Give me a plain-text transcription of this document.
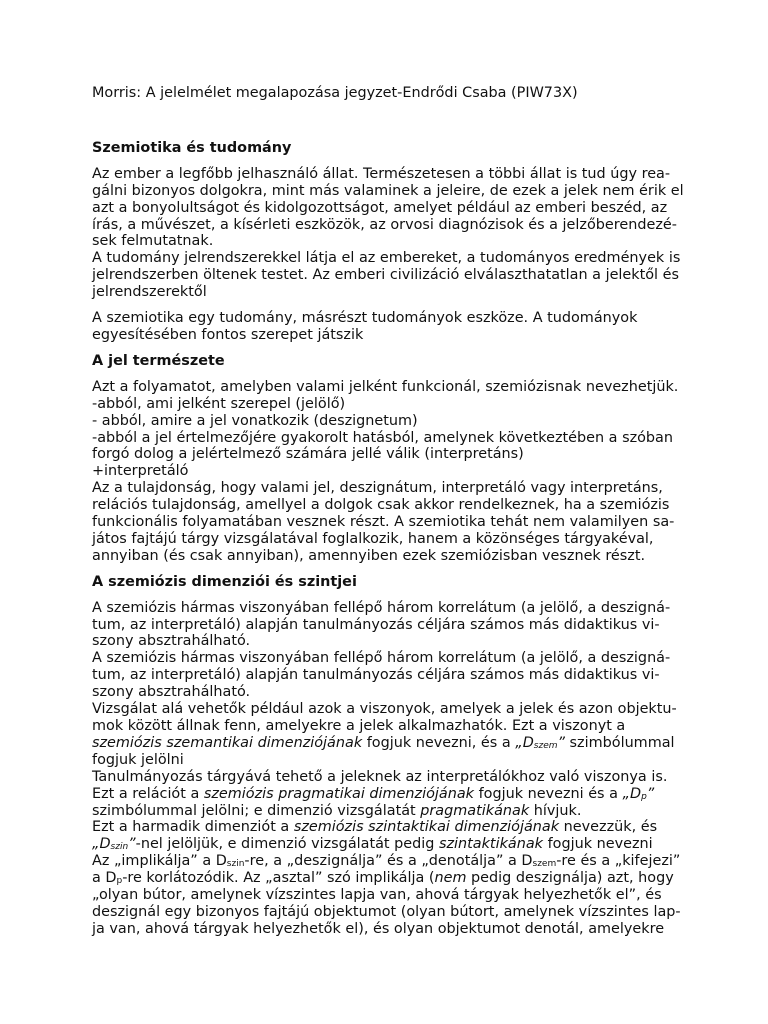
Morris: A jelelmélet megalapozása jegyzet-Endrődi Csaba (PIW73X)

Szemiotika és tudomány

Az ember a legfőbb jelhasználó állat. Természetesen a többi állat is tud úgy rea-
gálni bizonyos dolgokra, mint más valaminek a jeleire, de ezek a jelek nem érik el
azt a bonyolultságot és kidolgozottságot, amelyet például az emberi beszéd, az
írás, a művészet, a kísérleti eszközök, az orvosi diagnózisok és a jelzőberendezé-
sek felmutatnak.
A tudomány jelrendszerekkel látja el az embereket, a tudományos eredmények is
jelrendszerben öltenek testet. Az emberi civilizáció elválaszthatatlan a jelektől és
jelrendszerektől

A szemiotika egy tudomány, másrészt tudományok eszköze. A tudományok
egyesítésében fontos szerepet játszik

A jel természete

Azt a folyamatot, amelyben valami jelként funkcionál, szemiózisnak nevezhetjük.
-abból, ami jelként szerepel (jelölő)
- abból, amire a jel vonatkozik (deszignetum)
-abból a jel értelmezőjére gyakorolt hatásból, amelynek következtében a szóban
forgó dolog a jelértelmező számára jellé válik (interpretáns)
+interpretáló
Az a tulajdonság, hogy valami jel, deszignátum, interpretáló vagy interpretáns,
relációs tulajdonság, amellyel a dolgok csak akkor rendelkeznek, ha a szemiózis
funkcionális folyamatában vesznek részt. A szemiotika tehát nem valamilyen sa-
játos fajtájú tárgy vizsgálatával foglalkozik, hanem a közönséges tárgyakéval,
annyiban (és csak annyiban), amennyiben ezek szemiózisban vesznek részt.

A szemiózis dimenziói és szintjei

A szemiózis hármas viszonyában fellépő három korrelátum (a jelölő, a deszigná-
tum, az interpretáló) alapján tanulmányozás céljára számos más didaktikus vi-
szony absztrahálható.
A szemiózis hármas viszonyában fellépő három korrelátum (a jelölő, a deszigná-
tum, az interpretáló) alapján tanulmányozás céljára számos más didaktikus vi-
szony absztrahálható.
Vizsgálat alá vehetők például azok a viszonyok, amelyek a jelek és azon objektu-
mok között állnak fenn, amelyekre a jelek alkalmazhatók. Ezt a viszonyt a
szemiózis szemantikai dimenziójának fogjuk nevezni, és a $„D_{szem}$” szimbólummal
fogjuk jelölni
Tanulmányozás tárgyává tehető a jeleknek az interpretálókhoz való viszonya is.
Ezt a relációt a szemiózis pragmatikai dimenziójának fogjuk nevezni és a $„D_p$”
szimbólummal jelölni; e dimenzió vizsgálatát pragmatikának hívjuk.
Ezt a harmadik dimenziót a szemiózis szintaktikai dimenziójának nevezzük, és
$„D_{szin}$”-nel jelöljük, e dimenzió vizsgálatát pedig szintaktikának fogjuk nevezni
Az „implikálja” a $D_{szin}-re$, a „deszignálja” és a „denotálja” a $D_{szem}-re$ és a „kifejezi”
a $D_p-re$ korlátozódik. Az „asztal” szó implikálja (nem pedig deszignálja) azt, hogy
„olyan bútor, amelynek vízszintes lapja van, ahová tárgyak helyezhetők el”, és
deszignál egy bizonyos fajtájú objektumot (olyan bútort, amelynek vízszintes lap-
ja van, ahová tárgyak helyezhetők el), és olyan objektumot denotál, amelyekre
